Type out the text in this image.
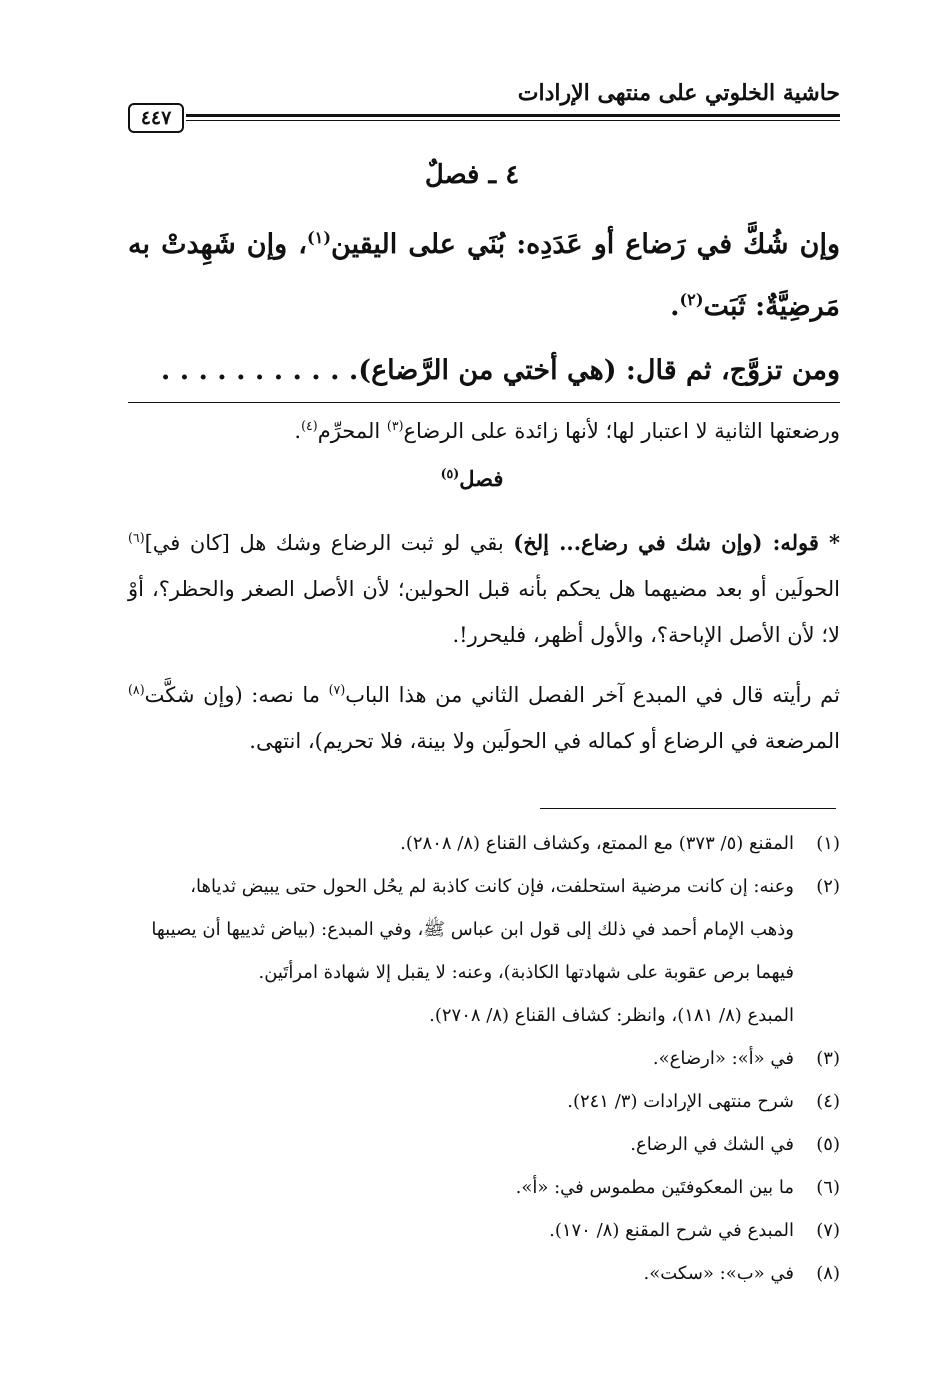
حاشية الخلوتي على منتهى الإرادات
٤٤٧
٤ ـ فصلٌ
وإن شُكَّ في رَضاع أو عَدَدِه: بُنَي على اليقين$^{(١)}$، وإن شَهِدتْ به مَرضِيَّةٌ: ثَبَت$^{(٢)}$.
ومن تزوَّج، ثم قال: (هي أختي من الرَّضاع). . . . . . . . . . .
ورضعتها الثانية لا اعتبار لها؛ لأنها زائدة على الرضاع$^{(٣)}$ المحرِّم$^{(٤)}$.
فصل$^{(٥)}$
* قوله: (وإن شك في رضاع... إلخ) بقي لو ثبت الرضاع وشك هل [كان في]$^{(٦)}$ الحولَين أو بعد مضيهما هل يحكم بأنه قبل الحولين؛ لأن الأصل الصغر والحظر؟، أوْ لا؛ لأن الأصل الإباحة؟، والأول أظهر، فليحرر!.
ثم رأيته قال في المبدع آخر الفصل الثاني من هذا الباب$^{(٧)}$ ما نصه: (وإن شكَّت$^{(٨)}$ المرضعة في الرضاع أو كماله في الحولَين ولا بينة، فلا تحريم)، انتهى.
(١)
المقنع (٥/ ٣٧٣) مع الممتع، وكشاف القناع (٨/ ٢٨٠٨).
(٢)
وعنه: إن كانت مرضية استحلفت، فإن كانت كاذبة لم يحُل الحول حتى يبيض ثدياها،
وذهب الإمام أحمد في ذلك إلى قول ابن عباس ﷺ، وفي المبدع: (بياض ثدييها أن يصيبها
فيهما برص عقوبة على شهادتها الكاذبة)، وعنه: لا يقبل إلا شهادة امرأتَين.
المبدع (٨/ ١٨١)، وانظر: كشاف القناع (٨/ ٢٧٠٨).
(٣)
في «أ»: «ارضاع».
(٤)
شرح منتهى الإرادات (٣/ ٢٤١).
(٥)
في الشك في الرضاع.
(٦)
ما بين المعكوفتَين مطموس في: «أ».
(٧)
المبدع في شرح المقنع (٨/ ١٧٠).
(٨)
في «ب»: «سكت».
